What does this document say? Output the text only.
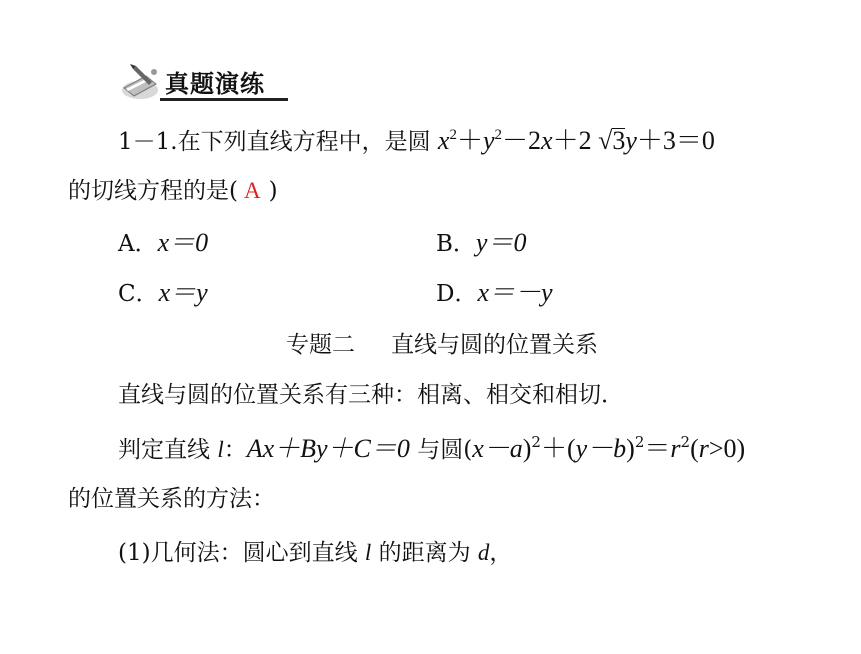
真题演练
1－1.在下列直线方程中，是圆 $x^2+y^2-2x+2$ √3y＋3＝0
的切线方程的是( A )
A．x＝0	B．y＝0
C．x＝y	D．x＝－y
专题二 直线与圆的位置关系
直线与圆的位置关系有三种：相离、相交和相切．
判定直线 l：Ax＋By＋C＝0 与圆$(x-a)^2+(y-b)^2=r^2(r>0)$
的位置关系的方法：
(1)几何法：圆心到直线 l 的距离为 d，
